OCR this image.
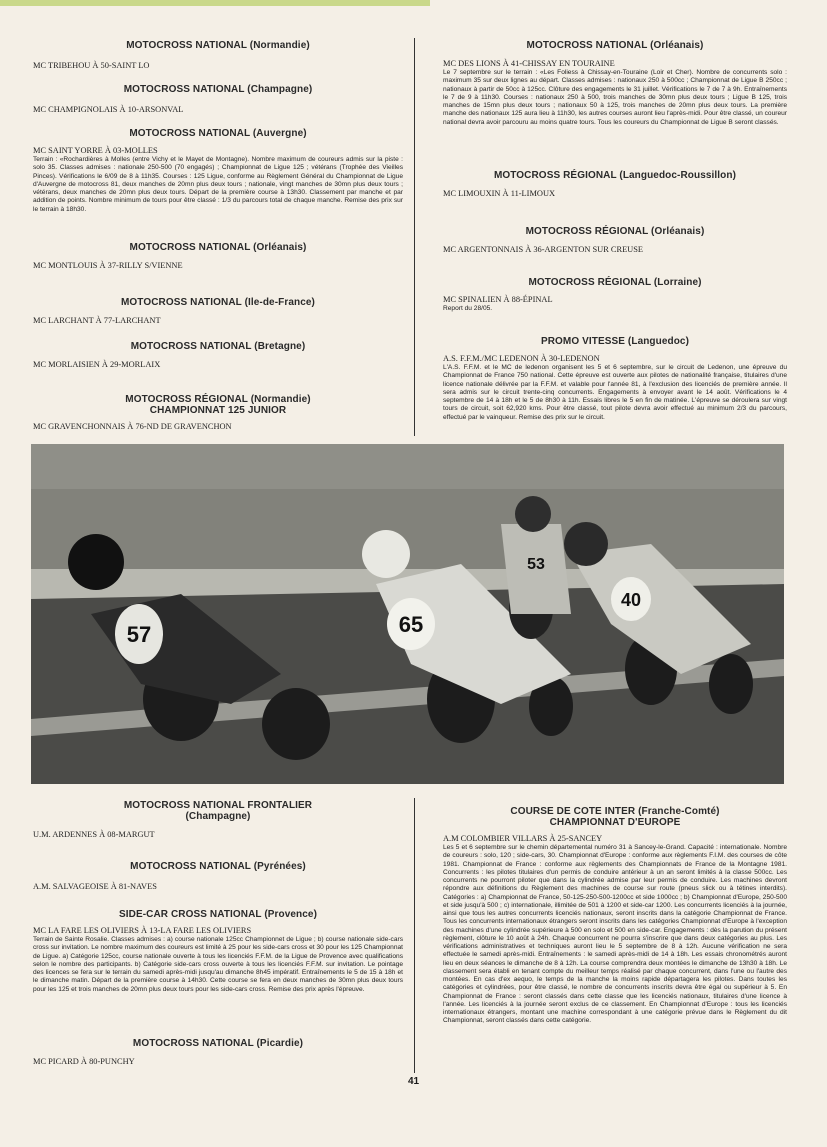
MOTOCROSS NATIONAL (Normandie)
MC TRIBEHOU À 50-SAINT LO
MOTOCROSS NATIONAL (Champagne)
MC CHAMPIGNOLAIS À 10-ARSONVAL
MOTOCROSS NATIONAL (Auvergne)
MC SAINT YORRE À 03-MOLLES
Terrain : «Rochardières à Molles (entre Vichy et le Mayet de Montagne). Nombre maximum de coureurs admis sur la piste : solo 35. Classes admises : nationale 250-500 (70 engagés) ; Championnat de Ligue 125 ; vétérans (Trophée des Vieilles Pinces). Vérifications le 6/09 de 8 à 11h35. Courses : 125 Ligue, conforme au Règlement Général du Championnat de Ligue d'Auvergne de motocross 81, deux manches de 20mn plus deux tours ; nationale, vingt manches de 30mn plus deux tours ; vétérans, deux manches de 20mn plus deux tours. Départ de la première course à 13h30. Classement par manche et par addition de points. Nombre minimum de tours pour être classé : 1/3 du parcours total de chaque manche. Remise des prix sur le terrain à 18h30.
MOTOCROSS NATIONAL (Orléanais)
MC MONTLOUIS À 37-RILLY S/VIENNE
MOTOCROSS NATIONAL (Ile-de-France)
MC LARCHANT À 77-LARCHANT
MOTOCROSS NATIONAL (Bretagne)
MC MORLAISIEN À 29-MORLAIX
MOTOCROSS RÉGIONAL (Normandie)
CHAMPIONNAT 125 JUNIOR
MC GRAVENCHONNAIS À 76-ND DE GRAVENCHON
MOTOCROSS NATIONAL (Orléanais)
MC DES LIONS À 41-CHISSAY EN TOURAINE
Le 7 septembre sur le terrain : «Les Foliess à Chissay-en-Touraine (Loir et Cher). Nombre de concurrents solo : maximum 35 sur deux lignes au départ. Classes admises : nationaux 250 à 500cc ; Championnat de Ligue B 250cc ; nationaux à partir de 50cc à 125cc. Clôture des engagements le 31 juillet. Vérifications le 7 de 7 à 9h. Entraînements le 7 de 9 à 11h30. Courses : nationaux 250 à 500, trois manches de 30mn plus deux tours ; Ligue B 125, trois manches de 15mn plus deux tours ; nationaux 50 à 125, trois manches de 20mn plus deux tours. La première manche des nationaux 125 aura lieu à 11h30, les autres courses auront lieu l'après-midi. Pour être classé, un coureur national devra avoir parcouru au moins quatre tours. Tous les coureurs du Championnat de Ligue B seront classés.
MOTOCROSS RÉGIONAL (Languedoc-Roussillon)
MC LIMOUXIN À 11-LIMOUX
MOTOCROSS RÉGIONAL (Orléanais)
MC ARGENTONNAIS À 36-ARGENTON SUR CREUSE
MOTOCROSS RÉGIONAL (Lorraine)
MC SPINALIEN À 88-ÉPINAL
Report du 28/05.
PROMO VITESSE (Languedoc)
A.S. F.F.M./MC LEDENON À 30-LEDENON
L'A.S. F.F.M. et le MC de ledenon organisent les 5 et 6 septembre, sur le circuit de Ledenon, une épreuve du Championnat de France 750 national. Cette épreuve est ouverte aux pilotes de nationalité française, titulaires d'une licence nationale délivrée par la F.F.M. et valable pour l'année 81, à l'exclusion des licenciés de première année. Il sera admis sur le circuit trente-cinq concurrents. Engagements à envoyer avant le 14 août. Vérifications le 4 septembre de 14 à 18h et le 5 de 8h30 à 11h. Essais libres le 5 en fin de matinée. L'épreuve se déroulera sur vingt tours de circuit, soit 62,920 kms. Pour être classé, tout pilote devra avoir effectué au minimum 2/3 du parcours, effectué par le vainqueur. Remise des prix sur le circuit.
57	65
40
53
MOTOCROSS NATIONAL FRONTALIER
(Champagne)
U.M. ARDENNES À 08-MARGUT
MOTOCROSS NATIONAL (Pyrénées)
A.M. SALVAGEOISE À 81-NAVES
SIDE-CAR CROSS NATIONAL (Provence)
MC LA FARE LES OLIVIERS À 13-LA FARE LES OLIVIERS
Terrain de Sainte Rosalie. Classes admises : a) course nationale 125cc Championnet de Ligue ; b) course nationale side-cars cross sur invitation. Le nombre maximum des coureurs est limité à 25 pour les side-cars cross et 30 pour les 125 Championnat de Ligue. a) Catégorie 125cc, course nationale ouverte à tous les licenciés F.F.M. de la Ligue de Provence avec qualifications selon le nombre des participants. b) Catégorie side-cars cross ouverte à tous les licenciés F.F.M. sur invitation. Le pointage des licences se fera sur le terrain du samedi après-midi jusqu'au dimanche 8h45 impératif. Entraînements le 5 de 15 à 18h et le dimanche matin. Départ de la première course à 14h30. Cette course se fera en deux manches de 30mn plus deux tours pour les 125 et trois manches de 20mn plus deux tours pour les side-cars cross. Remise des prix après l'épreuve.
MOTOCROSS NATIONAL (Picardie)
MC PICARD À 80-PUNCHY
COURSE DE COTE INTER (Franche-Comté)
CHAMPIONNAT D'EUROPE
A.M COLOMBIER VILLARS À 25-SANCEY
Les 5 et 6 septembre sur le chemin départemental numéro 31 à Sancey-le-Grand. Capacité : internationale. Nombre de coureurs : solo, 120 ; side-cars, 30. Championnat d'Europe : conforme aux règlements F.I.M. des courses de côte 1981. Championnat de France : conforme aux règlements des Championnats de France de la Montagne 1981. Concurrents : les pilotes titulaires d'un permis de conduire antérieur à un an seront limités à la classe 500cc. Les concurrents ne pourront piloter que dans la cylindrée admise par leur permis de conduire. Les machines devront répondre aux définitions du Règlement des machines de course sur route (pneus slick ou à tétines interdits). Catégories : a) Championnat de France, 50-125-250-500-1200cc et side 1000cc ; b) Championnat d'Europe, 250-500 et side jusqu'à 500 ; c) internationale, illimitée de 501 à 1200 et side-car 1200. Les concurrents licenciés à la journée, ainsi que tous les autres concurrents licenciés nationaux, seront inscrits dans la catégorie Championnat de France. Tous les concurrents internationaux étrangers seront inscrits dans les catégories Championnat d'Europe à l'exception des machines d'une cylindrée supérieure à 500 en solo et 500 en side-car. Engagements : dès la parution du présent règlement, clôture le 10 août à 24h. Chaque concurrent ne pourra s'inscrire que dans deux catégories au plus. Les vérifications administratives et techniques auront lieu le 5 septembre de 8 à 12h. Aucune vérification ne sera effectuée le samedi après-midi. Entraînements : le samedi après-midi de 14 à 18h. Les essais chronométrés auront lieu en deux séances le dimanche de 8 à 12h. La course comprendra deux montées le dimanche de 13h30 à 18h. Le classement sera établi en tenant compte du meilleur temps réalisé par chaque concurrent, dans l'une ou l'autre des montées. En cas d'ex aequo, le temps de la manche la moins rapide départagera les pilotes. Dans toutes les catégories et cylindrées, pour être classé, le nombre de concurrents inscrits devra être égal ou supérieur à 5. En Championnat de France : seront classés dans cette classe que les licenciés nationaux, titulaires d'une licence à l'année. Les licenciés à la journée seront exclus de ce classement. En Championnat d'Europe : tous les licenciés internationaux étrangers, montant une machine correspondant à une catégorie prévue dans le Règlement du dit Championnat, seront classés dans cette catégorie.
41
